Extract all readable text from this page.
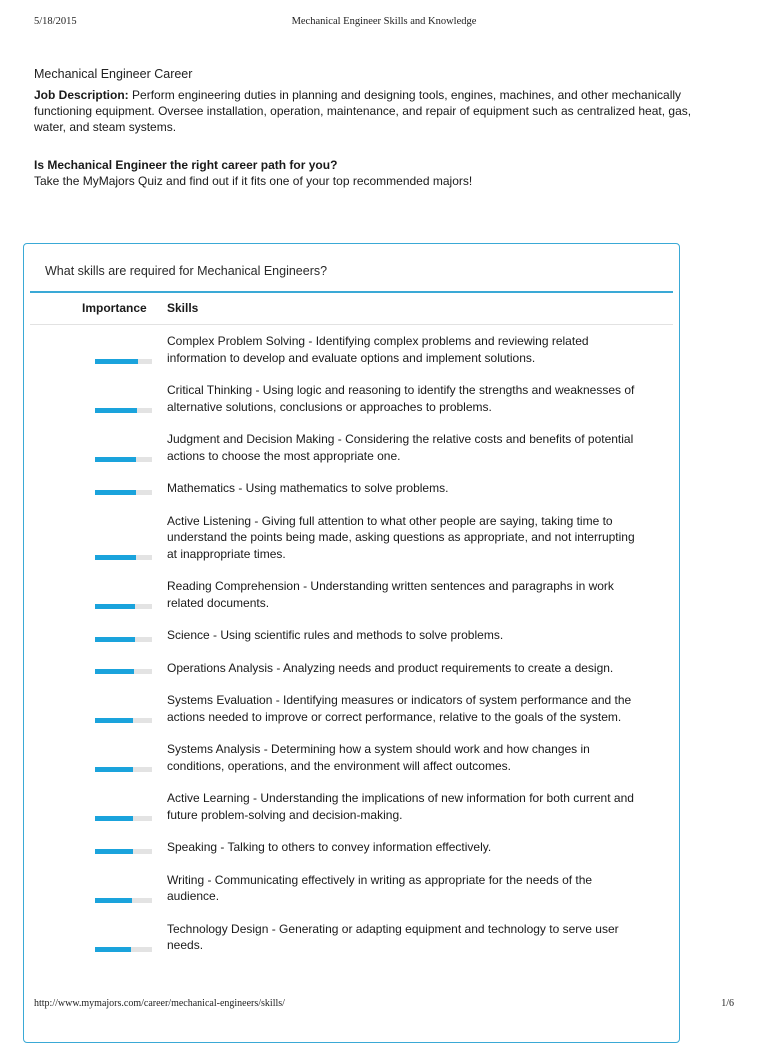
5/18/2015	Mechanical Engineer Skills and Knowledge
Mechanical Engineer Career

Job Description: Perform engineering duties in planning and designing tools, engines, machines, and other mechanically functioning equipment. Oversee installation, operation, maintenance, and repair of equipment such as centralized heat, gas, water, and steam systems.

Is Mechanical Engineer the right career path for you?
Take the MyMajors Quiz and find out if it fits one of your top recommended majors!
What skills are required for Mechanical Engineers?
Importance Skills
Complex Problem Solving - Identifying complex problems and reviewing related information to develop and evaluate options and implement solutions.
Critical Thinking - Using logic and reasoning to identify the strengths and weaknesses of alternative solutions, conclusions or approaches to problems.
Judgment and Decision Making - Considering the relative costs and benefits of potential actions to choose the most appropriate one.
Mathematics - Using mathematics to solve problems.
Active Listening - Giving full attention to what other people are saying, taking time to understand the points being made, asking questions as appropriate, and not interrupting at inappropriate times.
Reading Comprehension - Understanding written sentences and paragraphs in work related documents.
Science - Using scientific rules and methods to solve problems.
Operations Analysis - Analyzing needs and product requirements to create a design.
Systems Evaluation - Identifying measures or indicators of system performance and the actions needed to improve or correct performance, relative to the goals of the system.
Systems Analysis - Determining how a system should work and how changes in conditions, operations, and the environment will affect outcomes.
Active Learning - Understanding the implications of new information for both current and future problem-solving and decision-making.
Speaking - Talking to others to convey information effectively.
Writing - Communicating effectively in writing as appropriate for the needs of the audience.
Technology Design - Generating or adapting equipment and technology to serve user needs.
http://www.mymajors.com/career/mechanical-engineers/skills/	1/6
